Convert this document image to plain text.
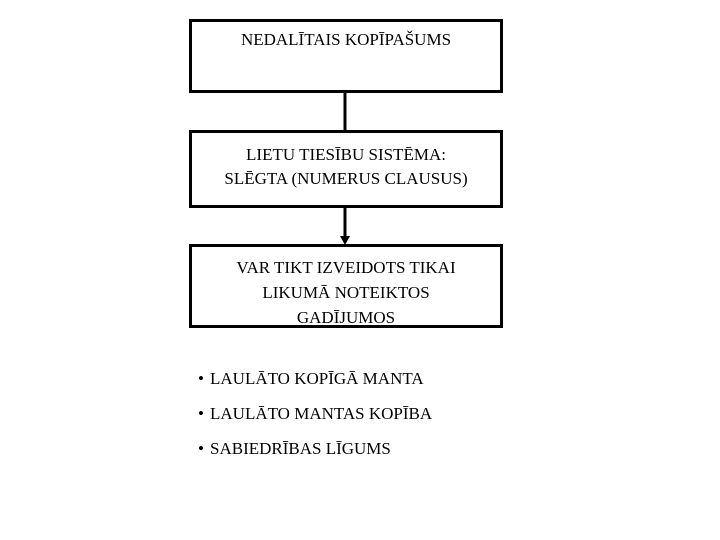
NEDALĪTAIS KOPĪPAŠUMS
LIETU TIESĪBU SISTĒMA:
SLĒGTA (NUMERUS CLAUSUS)
VAR TIKT IZVEIDOTS TIKAI
LIKUMĀ NOTEIKTOS
GADĪJUMOS
• LAULĀTO KOPĪGĀ MANTA
• LAULĀTO MANTAS KOPĪBA
• SABIEDRĪBAS LĪGUMS
